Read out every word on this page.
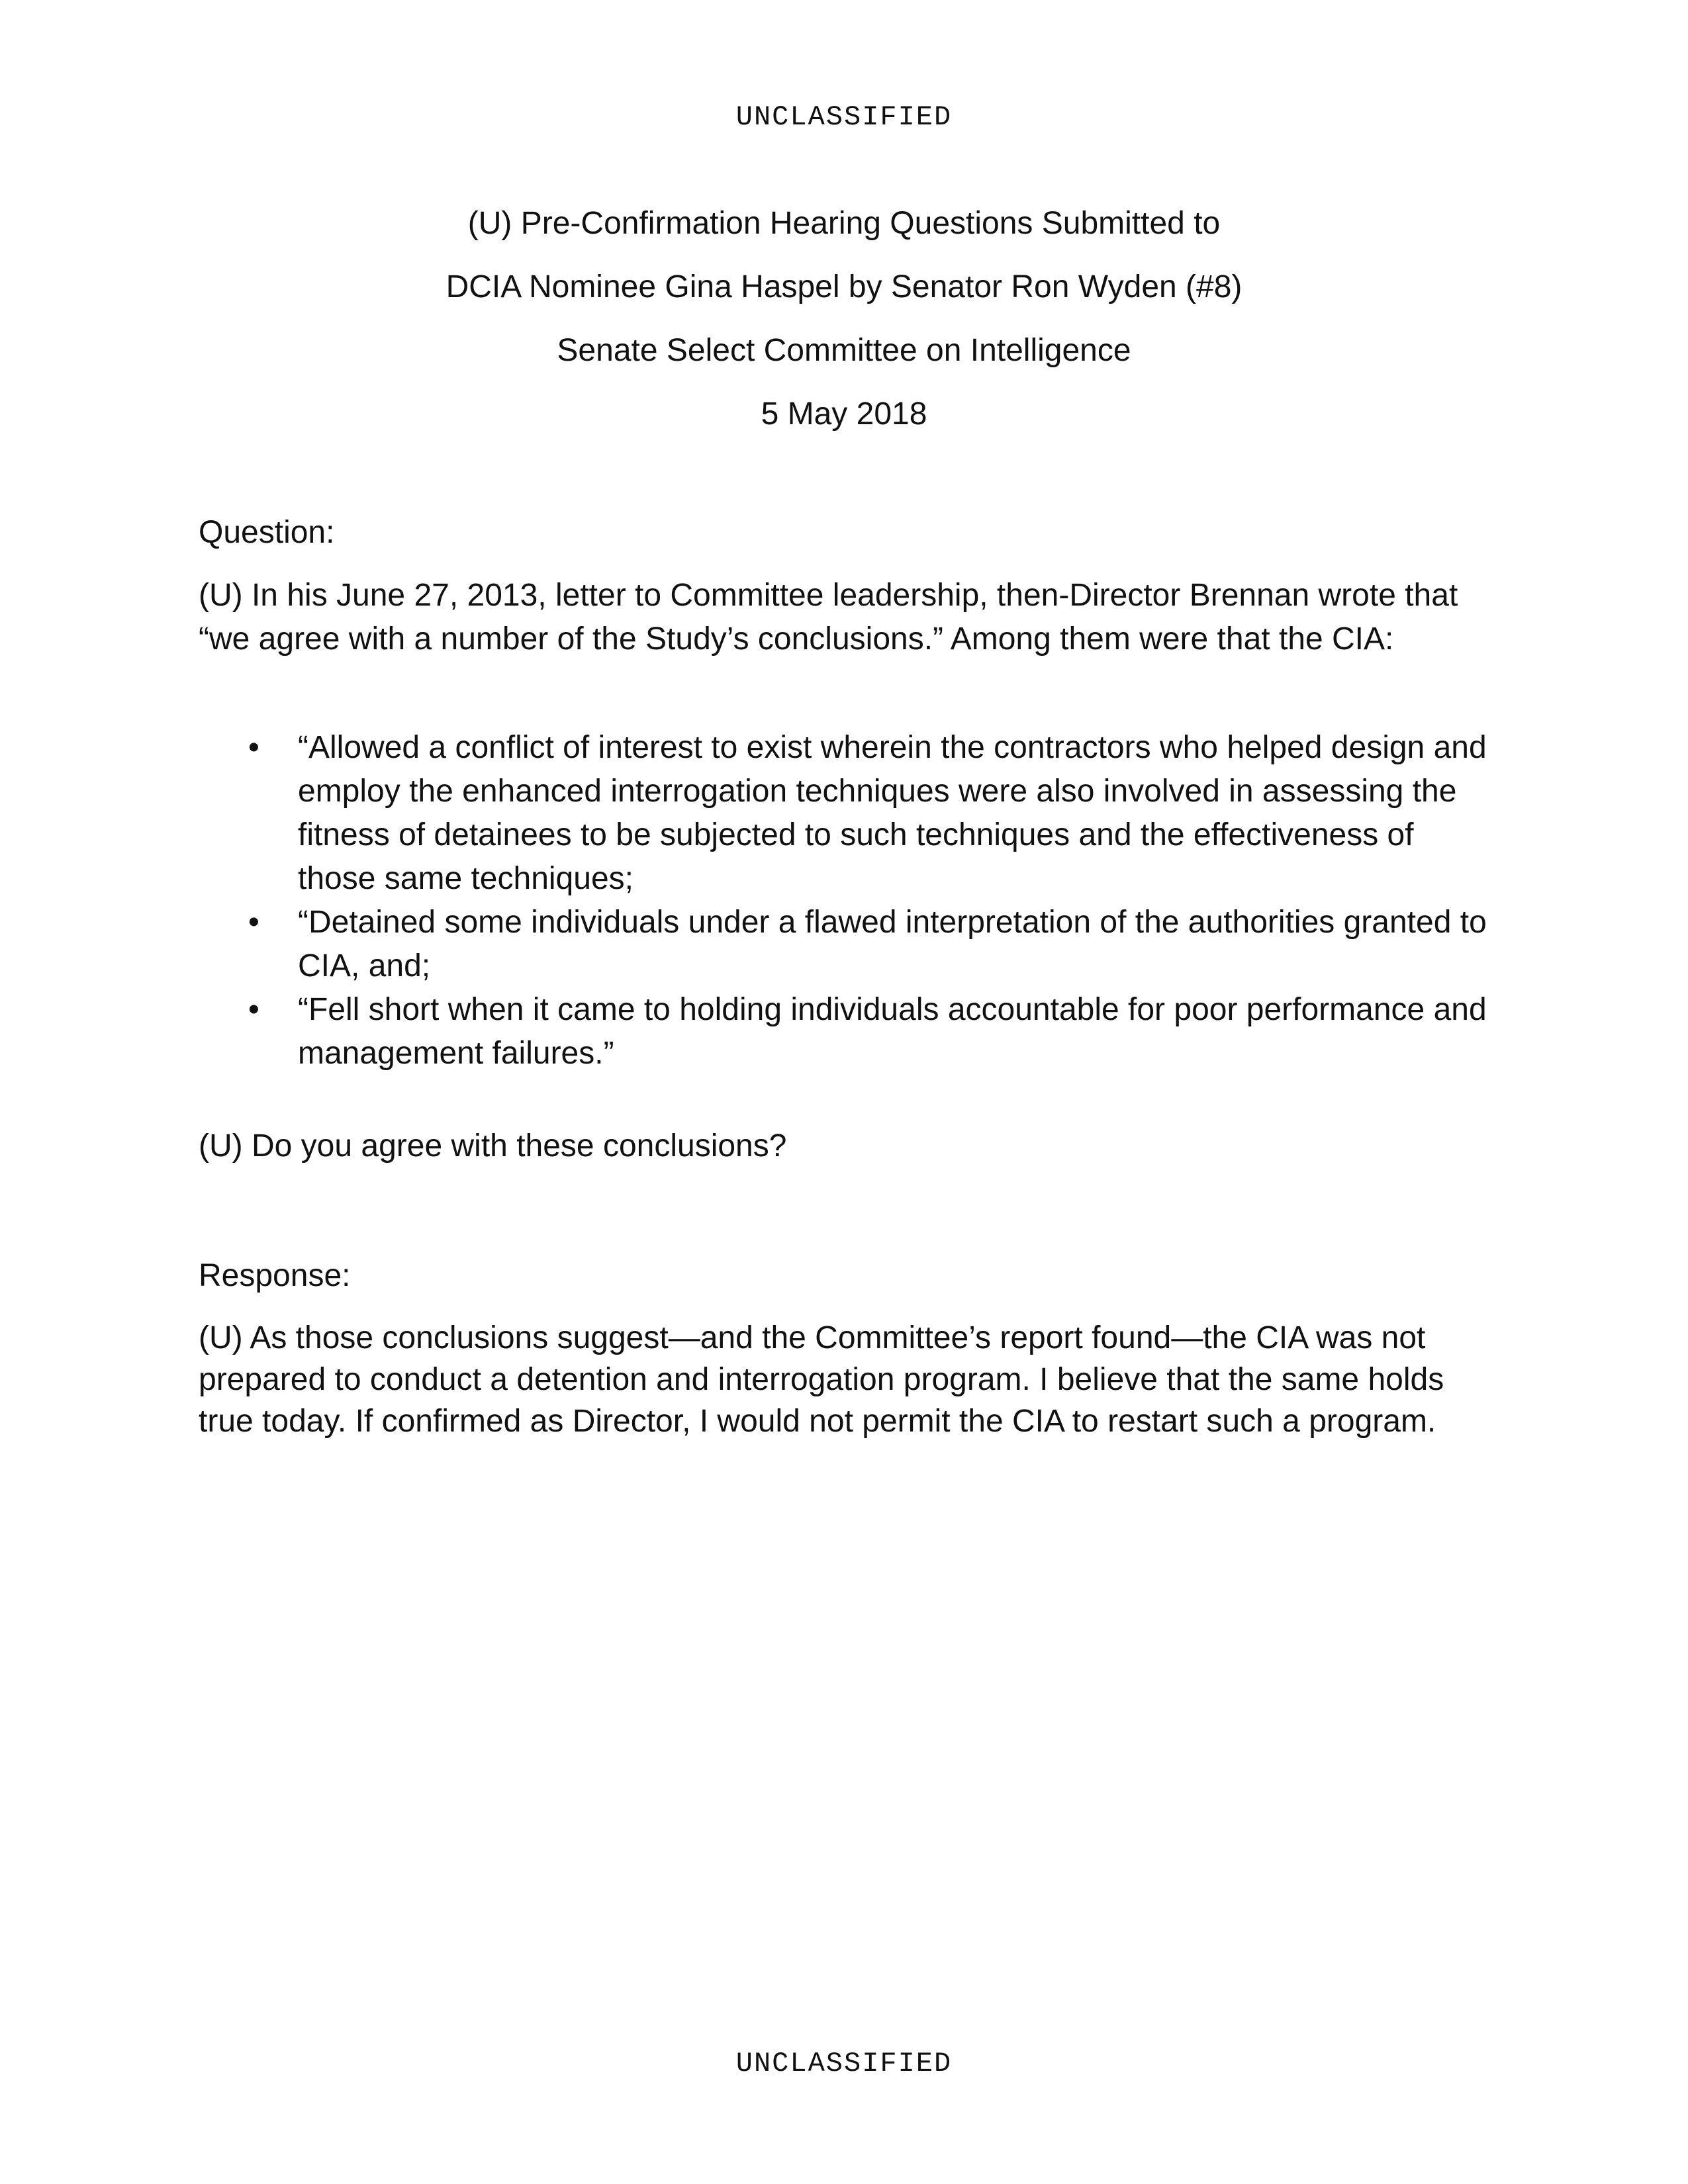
UNCLASSIFIED
(U) Pre-Confirmation Hearing Questions Submitted to
DCIA Nominee Gina Haspel by Senator Ron Wyden (#8)
Senate Select Committee on Intelligence
5 May 2018
Question:
(U) In his June 27, 2013, letter to Committee leadership, then-Director Brennan wrote that “we agree with a number of the Study’s conclusions.” Among them were that the CIA:
• “Allowed a conflict of interest to exist wherein the contractors who helped design and employ the enhanced interrogation techniques were also involved in assessing the fitness of detainees to be subjected to such techniques and the effectiveness of those same techniques;
• “Detained some individuals under a flawed interpretation of the authorities granted to CIA, and;
• “Fell short when it came to holding individuals accountable for poor performance and management failures.”
(U) Do you agree with these conclusions?
Response:
(U) As those conclusions suggest—and the Committee’s report found—the CIA was not prepared to conduct a detention and interrogation program. I believe that the same holds true today. If confirmed as Director, I would not permit the CIA to restart such a program.
UNCLASSIFIED
